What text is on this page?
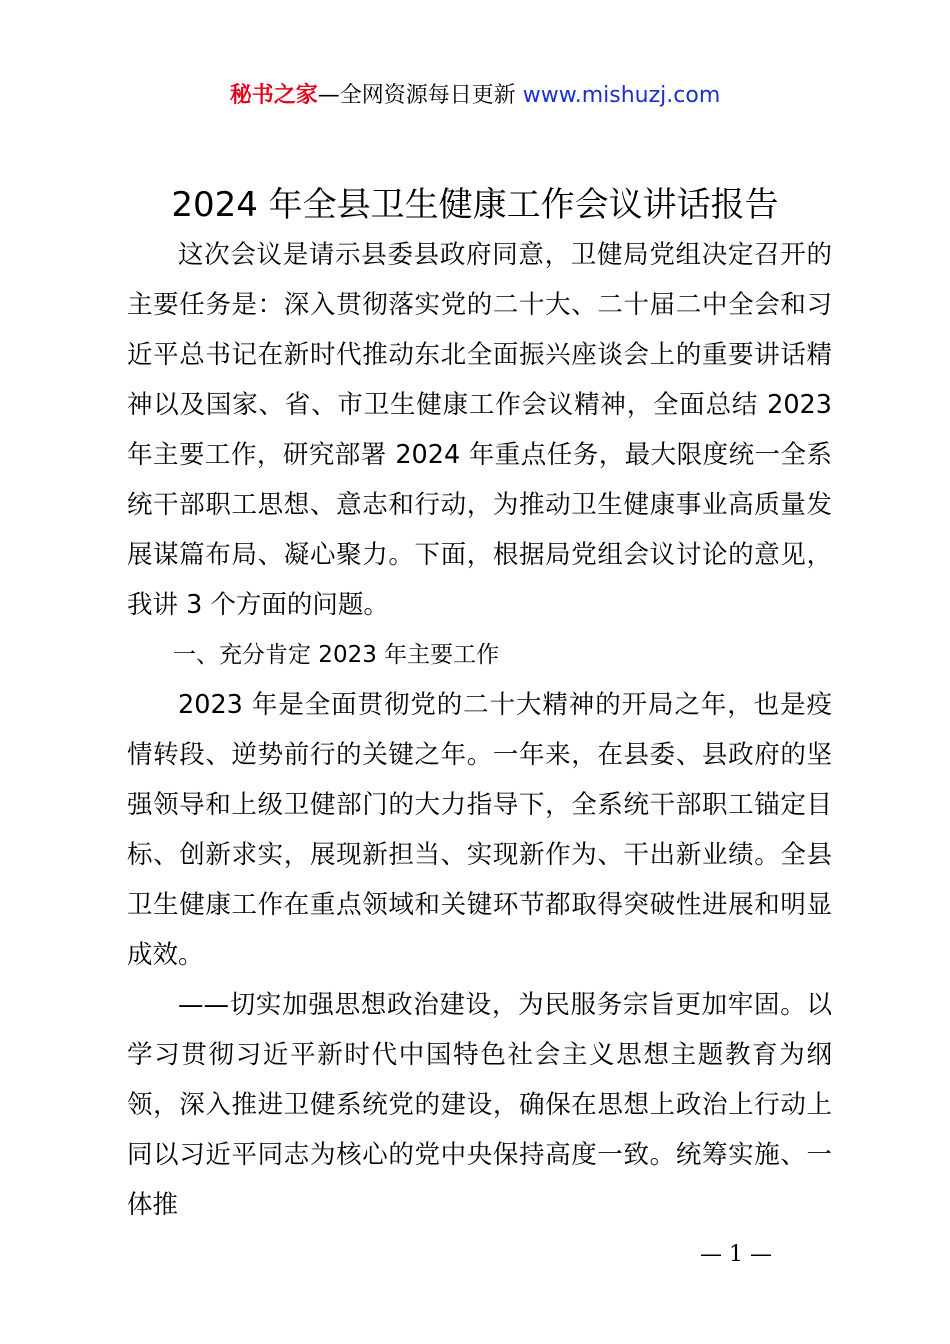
秘书之家—全网资源每日更新 www.mishuzj.com
2024 年全县卫生健康工作会议讲话报告

这次会议是请示县委县政府同意，卫健局党组决定召开的主要任务是：深入贯彻落实党的二十大、二十届二中全会和习近平总书记在新时代推动东北全面振兴座谈会上的重要讲话精神以及国家、省、市卫生健康工作会议精神，全面总结 2023 年主要工作，研究部署 2024 年重点任务，最大限度统一全系统干部职工思想、意志和行动，为推动卫生健康事业高质量发展谋篇布局、凝心聚力。下面，根据局党组会议讨论的意见，我讲 3 个方面的问题。

一、充分肯定 2023 年主要工作

2023 年是全面贯彻党的二十大精神的开局之年，也是疫情转段、逆势前行的关键之年。一年来，在县委、县政府的坚强领导和上级卫健部门的大力指导下，全系统干部职工锚定目标、创新求实，展现新担当、实现新作为、干出新业绩。全县卫生健康工作在重点领域和关键环节都取得突破性进展和明显成效。

——切实加强思想政治建设，为民服务宗旨更加牢固。以学习贯彻习近平新时代中国特色社会主义思想主题教育为纲领，深入推进卫健系统党的建设，确保在思想上政治上行动上同以习近平同志为核心的党中央保持高度一致。统筹实施、一体推

— 1 —
